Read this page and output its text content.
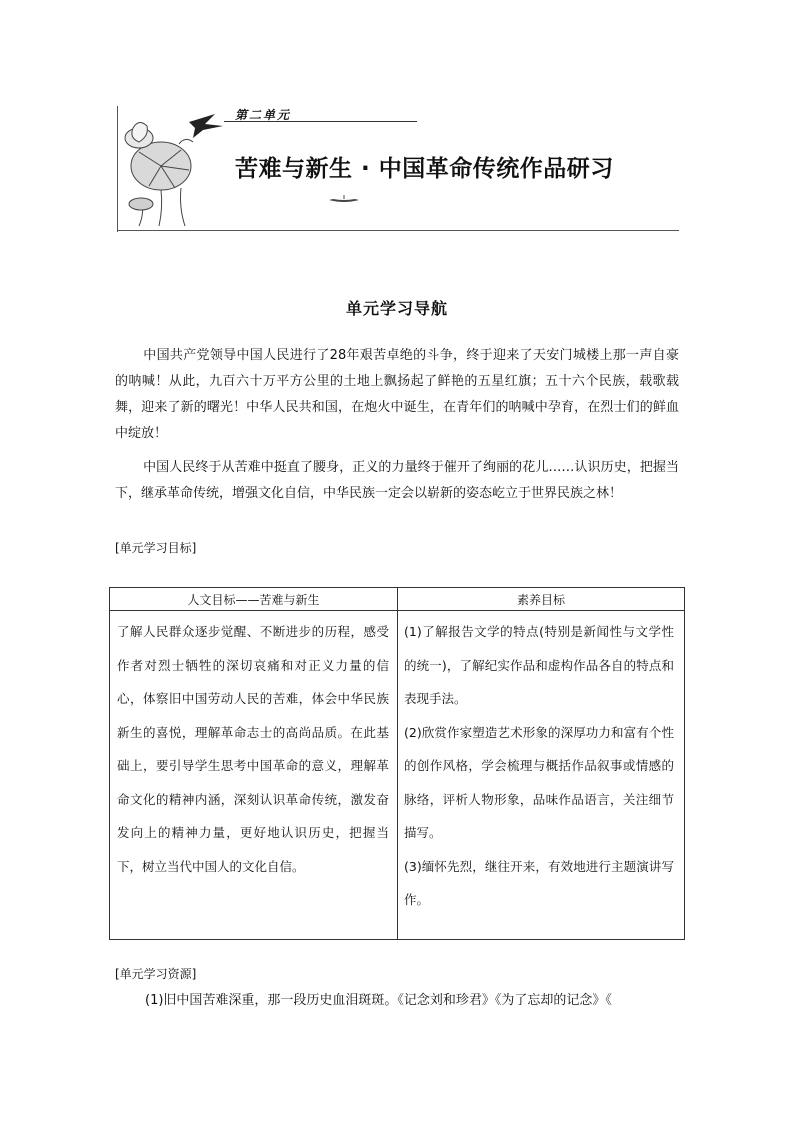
第二单元
苦难与新生 · 中国革命传统作品研习
单元学习导航
中国共产党领导中国人民进行了28年艰苦卓绝的斗争，终于迎来了天安门城楼上那一声自豪的呐喊！从此，九百六十万平方公里的土地上飘扬起了鲜艳的五星红旗；五十六个民族，载歌载舞，迎来了新的曙光！中华人民共和国，在炮火中诞生，在青年们的呐喊中孕育，在烈士们的鲜血中绽放！
中国人民终于从苦难中挺直了腰身，正义的力量终于催开了绚丽的花儿……认识历史，把握当下，继承革命传统，增强文化自信，中华民族一定会以崭新的姿态屹立于世界民族之林！
[单元学习目标]
人文目标——苦难与新生	素养目标
了解人民群众逐步觉醒、不断进步的历程，感受作者对烈士牺牲的深切哀痛和对正义力量的信心，体察旧中国劳动人民的苦难，体会中华民族新生的喜悦，理解革命志士的高尚品质。在此基础上，要引导学生思考中国革命的意义，理解革命文化的精神内涵，深刻认识革命传统，激发奋发向上的精神力量，更好地认识历史，把握当下，树立当代中国人的文化自信。

(1)了解报告文学的特点(特别是新闻性与文学性的统一)，了解纪实作品和虚构作品各自的特点和表现手法。

(2)欣赏作家塑造艺术形象的深厚功力和富有个性的创作风格，学会梳理与概括作品叙事或情感的脉络，评析人物形象，品味作品语言，关注细节描写。

(3)缅怀先烈，继往开来，有效地进行主题演讲写作。

[单元学习资源]
(1)旧中国苦难深重，那一段历史血泪斑斑。《记念刘和珍君》《为了忘却的记念》《
